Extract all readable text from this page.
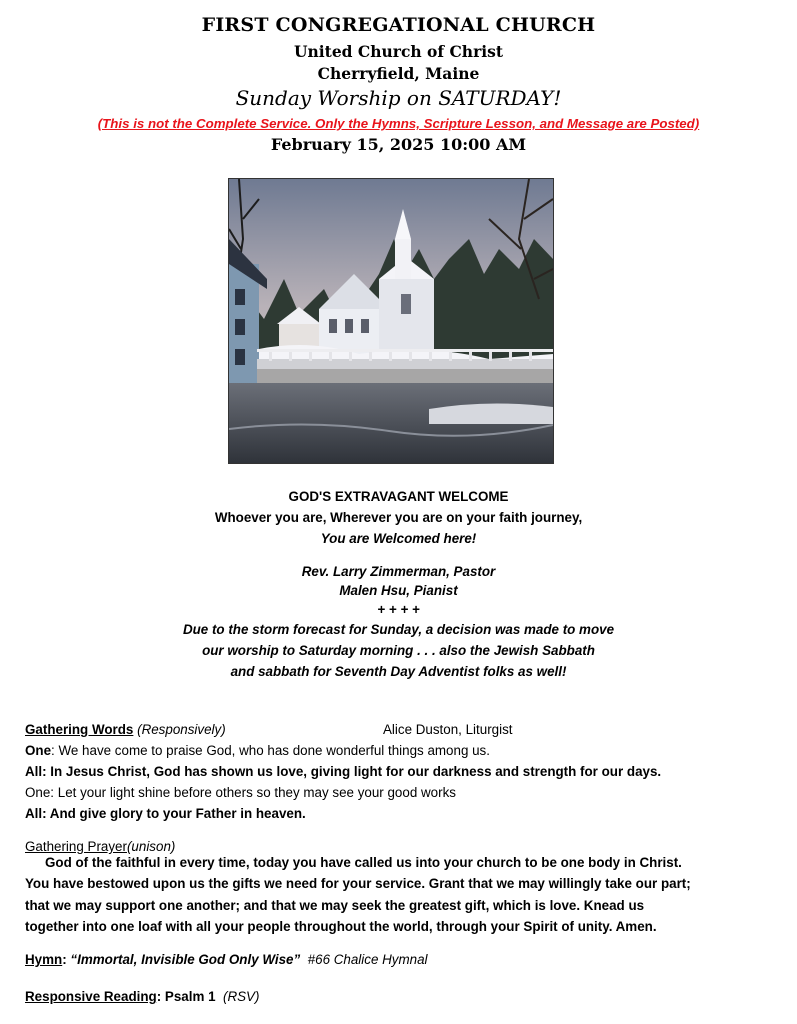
FIRST CONGREGATIONAL CHURCH
United Church of Christ
Cherryfield, Maine
Sunday Worship on SATURDAY!
(This is not the Complete Service. Only the Hymns, Scripture Lesson, and Message are Posted)
February 15, 2025 10:00 AM
GOD'S EXTRAVAGANT WELCOME
Whoever you are, Wherever you are on your faith journey,
You are Welcomed here!
Rev. Larry Zimmerman, Pastor
Malen Hsu, Pianist
+ + + +
Due to the storm forecast for Sunday, a decision was made to move
our worship to Saturday morning . . . also the Jewish Sabbath
and sabbath for Seventh Day Adventist folks as well!
Gathering Words (Responsively)	Alice Duston, Liturgist
One: We have come to praise God, who has done wonderful things among us.
All: In Jesus Christ, God has shown us love, giving light for our darkness and strength for our days.
One: Let your light shine before others so they may see your good works
All: And give glory to your Father in heaven.
Gathering Prayer(unison)
God of the faithful in every time, today you have called us into your church to be one body in Christ.
You have bestowed upon us the gifts we need for your service. Grant that we may willingly take our part;
that we may support one another; and that we may seek the greatest gift, which is love. Knead us
together into one loaf with all your people throughout the world, through your Spirit of unity. Amen.
Hymn: “Immortal, Invisible God Only Wise” #66 Chalice Hymnal
Responsive Reading: Psalm 1 (RSV)
